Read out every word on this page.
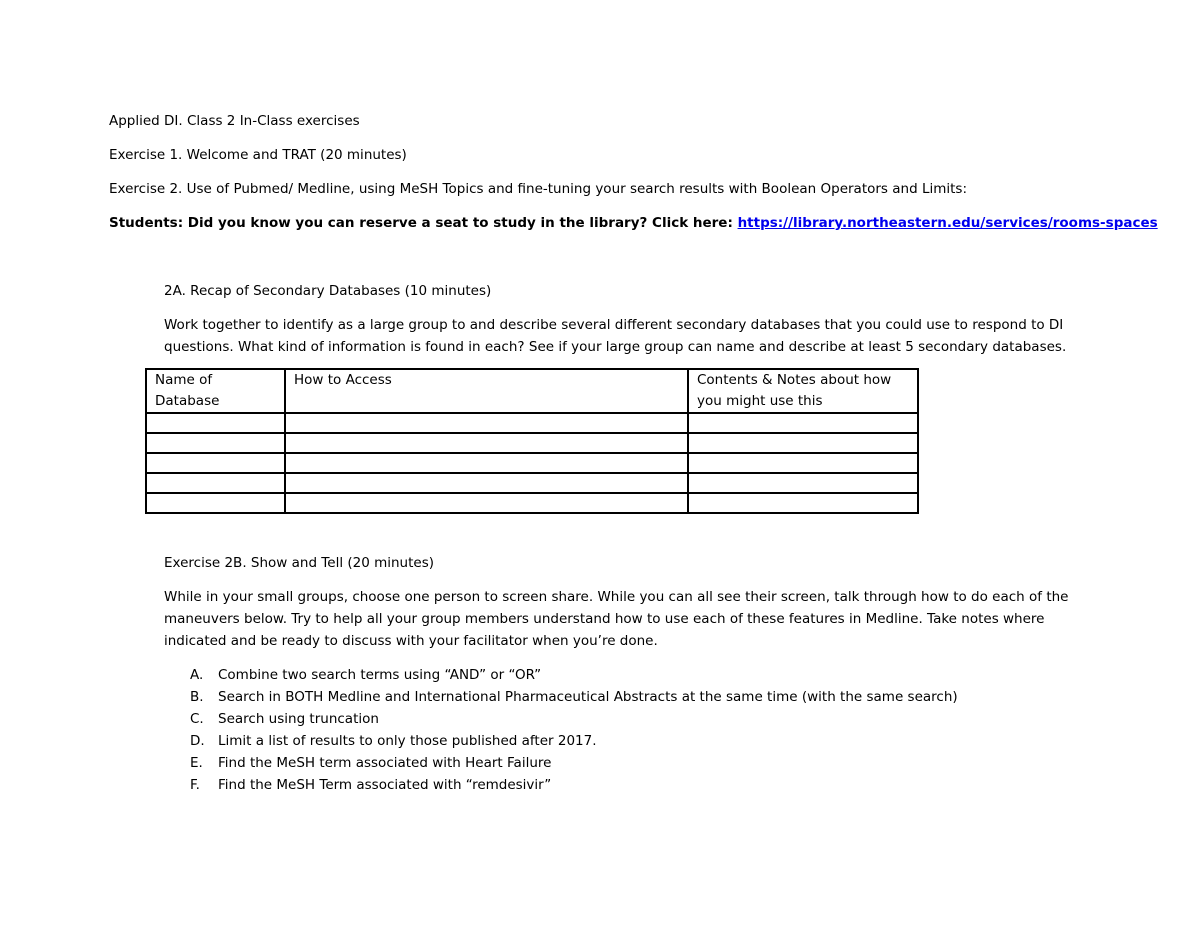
Applied DI. Class 2 In-Class exercises
Exercise 1. Welcome and TRAT (20 minutes)
Exercise 2. Use of Pubmed/ Medline, using MeSH Topics and fine-tuning your search results with Boolean Operators and Limits:
Students: Did you know you can reserve a seat to study in the library? Click here: https://library.northeastern.edu/services/rooms-spaces
2A. Recap of Secondary Databases (10 minutes)
Work together to identify as a large group to and describe several different secondary databases that you could use to respond to DI
questions. What kind of information is found in each? See if your large group can name and describe at least 5 secondary databases.
Name of Database	How to Access	Contents & Notes about how you might use this

Exercise 2B. Show and Tell (20 minutes)
While in your small groups, choose one person to screen share. While you can all see their screen, talk through how to do each of the
maneuvers below. Try to help all your group members understand how to use each of these features in Medline. Take notes where
indicated and be ready to discuss with your facilitator when you’re done.
A. Combine two search terms using “AND” or “OR”
B. Search in BOTH Medline and International Pharmaceutical Abstracts at the same time (with the same search)
C. Search using truncation
D. Limit a list of results to only those published after 2017.
E. Find the MeSH term associated with Heart Failure
F. Find the MeSH Term associated with “remdesivir”
